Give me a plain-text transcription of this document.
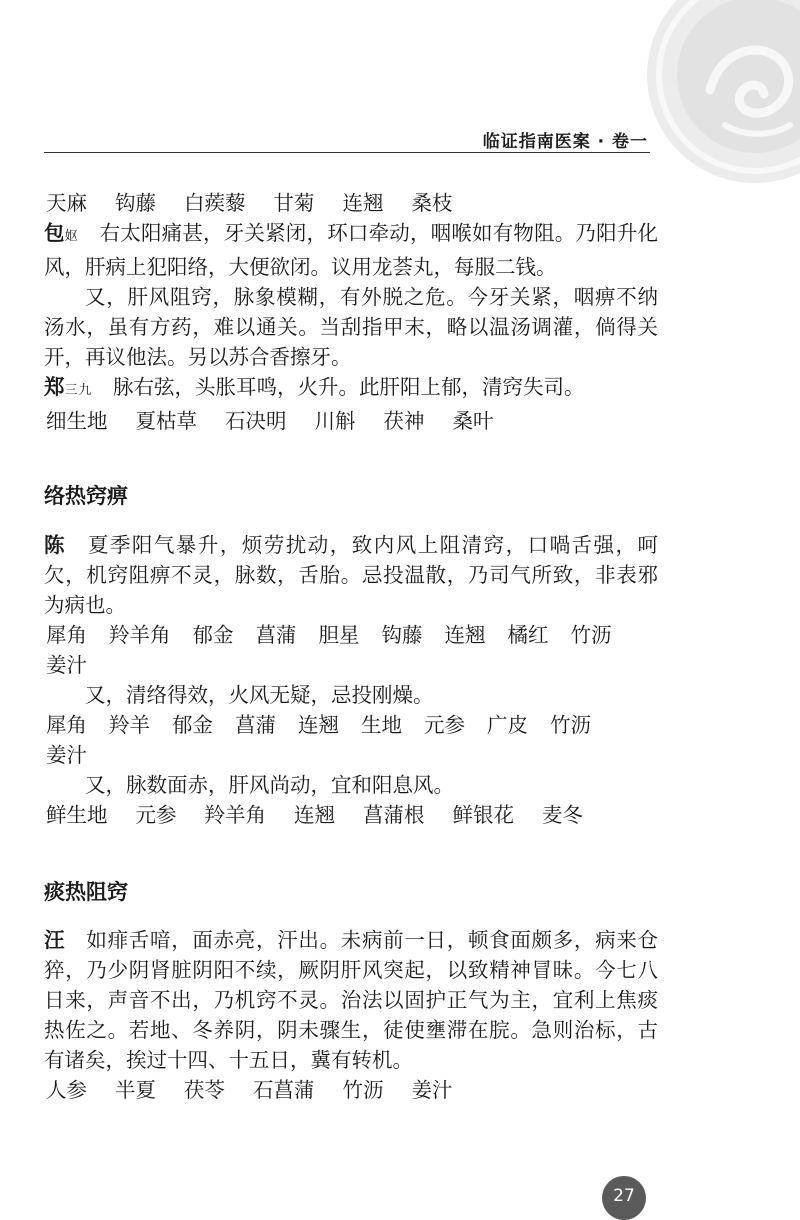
临证指南医案 · 卷一

天麻 钩藤 白蒺藜 甘菊 连翘 桑枝

包妪　 右太阳痛甚，牙关紧闭，环口牵动，咽喉如有物阻。乃阳升化风，肝病上犯阳络，大便欲闭。议用龙荟丸，每服二钱。

又，肝风阻窍，脉象模糊，有外脱之危。今牙关紧，咽痹不纳汤水，虽有方药，难以通关。当刮指甲末，略以温汤调灌，倘得关开，再议他法。另以苏合香擦牙。

郑三九　 脉右弦，头胀耳鸣，火升。此肝阳上郁，清窍失司。

细生地 夏枯草 石决明 川斛 茯神 桑叶

络热窍痹

陈　 夏季阳气暴升，烦劳扰动，致内风上阻清窍，口喎舌强，呵欠，机窍阻痹不灵，脉数，舌胎。忌投温散，乃司气所致，非表邪为病也。

犀角 羚羊角 郁金 菖蒲 胆星 钩藤 连翘 橘红 竹沥姜汁

又，清络得效，火风无疑，忌投刚燥。

犀角 羚羊 郁金 菖蒲 连翘 生地 元参 广皮 竹沥姜汁

又，脉数面赤，肝风尚动，宜和阳息风。

鲜生地 元参 羚羊角 连翘 菖蒲根 鲜银花 麦冬

痰热阻窍

汪　 如痱舌喑，面赤亮，汗出。未病前一日，顿食面颇多，病来仓猝，乃少阴肾脏阴阳不续，厥阴肝风突起，以致精神冒昧。今七八日来，声音不出，乃机窍不灵。治法以固护正气为主，宜利上焦痰热佐之。若地、冬养阴，阴未骤生，徒使壅滞在脘。急则治标，古有诸矣，挨过十四、十五日，冀有转机。

人参 半夏 茯苓 石菖蒲 竹沥 姜汁

27
